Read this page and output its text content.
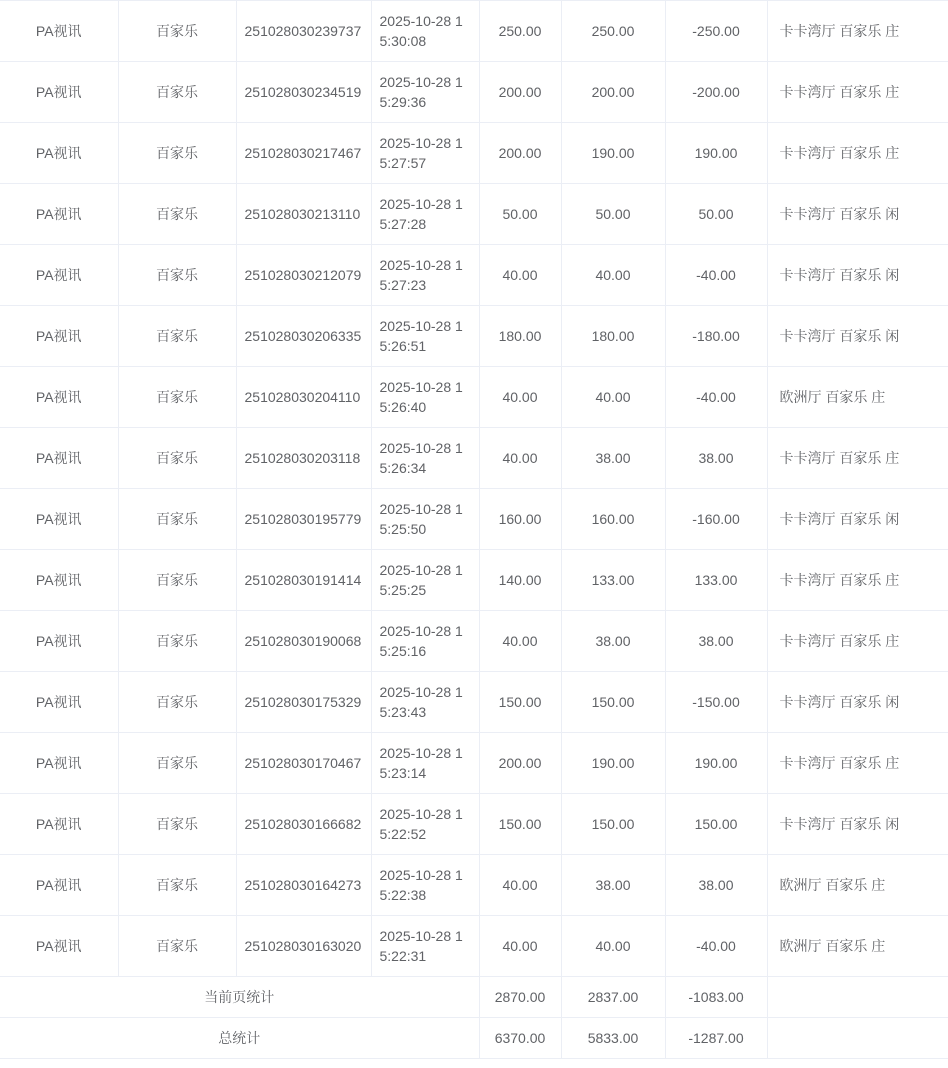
PA视讯	百家乐	251028030239737	2025-10-28 15:30:08	250.00	250.00	-250.00	卡卡湾厅 百家乐 庄
PA视讯	百家乐	251028030234519	2025-10-28 15:29:36	200.00	200.00	-200.00	卡卡湾厅 百家乐 庄
PA视讯	百家乐	251028030217467	2025-10-28 15:27:57	200.00	190.00	190.00	卡卡湾厅 百家乐 庄
PA视讯	百家乐	251028030213110	2025-10-28 15:27:28	50.00	50.00	50.00	卡卡湾厅 百家乐 闲
PA视讯	百家乐	251028030212079	2025-10-28 15:27:23	40.00	40.00	-40.00	卡卡湾厅 百家乐 闲
PA视讯	百家乐	251028030206335	2025-10-28 15:26:51	180.00	180.00	-180.00	卡卡湾厅 百家乐 闲
PA视讯	百家乐	251028030204110	2025-10-28 15:26:40	40.00	40.00	-40.00	欧洲厅 百家乐 庄
PA视讯	百家乐	251028030203118	2025-10-28 15:26:34	40.00	38.00	38.00	卡卡湾厅 百家乐 庄
PA视讯	百家乐	251028030195779	2025-10-28 15:25:50	160.00	160.00	-160.00	卡卡湾厅 百家乐 闲
PA视讯	百家乐	251028030191414	2025-10-28 15:25:25	140.00	133.00	133.00	卡卡湾厅 百家乐 庄
PA视讯	百家乐	251028030190068	2025-10-28 15:25:16	40.00	38.00	38.00	卡卡湾厅 百家乐 庄
PA视讯	百家乐	251028030175329	2025-10-28 15:23:43	150.00	150.00	-150.00	卡卡湾厅 百家乐 闲
PA视讯	百家乐	251028030170467	2025-10-28 15:23:14	200.00	190.00	190.00	卡卡湾厅 百家乐 庄
PA视讯	百家乐	251028030166682	2025-10-28 15:22:52	150.00	150.00	150.00	卡卡湾厅 百家乐 闲
PA视讯	百家乐	251028030164273	2025-10-28 15:22:38	40.00	38.00	38.00	欧洲厅 百家乐 庄
PA视讯	百家乐	251028030163020	2025-10-28 15:22:31	40.00	40.00	-40.00	欧洲厅 百家乐 庄
当前页统计				2870.00	2837.00	-1083.00	
总统计				6370.00	5833.00	-1287.00	
